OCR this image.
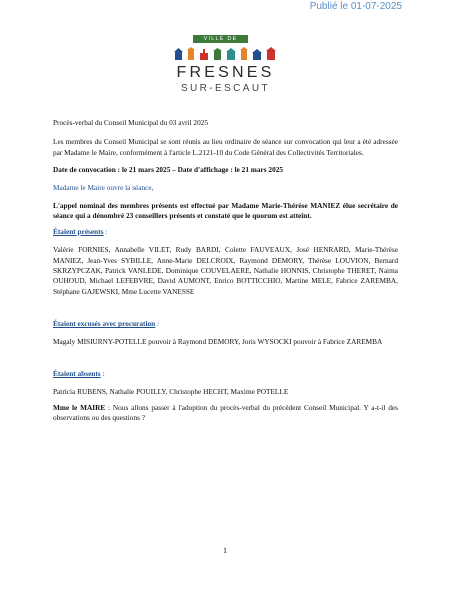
Publié le 01-07-2025
VILLE DE
FRESNES
SUR-ESCAUT

Procès-verbal du Conseil Municipal du 03 avril 2025

Les membres du Conseil Municipal se sont réunis au lieu ordinaire de séance sur convocation qui leur a été adressée par Madame le Maire, conformément à l'article L.2121-10 du Code Général des Collectivités Territoriales.

Date de convocation : le 21 mars 2025 – Date d'affichage : le 21 mars 2025

Madame le Maire ouvre la séance,

L'appel nominal des membres présents est effectué par Madame Marie-Thérèse MANIEZ élue secrétaire de séance qui a dénombré 23 conseillers présents et constaté que le quorum est atteint.

Étaient présents :

Valérie FORNIES, Annabelle VILET, Rudy BARDI, Colette FAUVEAUX, José HENRARD, Marie-Thérèse MANIEZ, Jean-Yves SYBILLE, Anne-Marie DELCROIX, Raymond DEMORY, Thérèse LOUVION, Bernard SKRZYPCZAK, Patrick VANLEDE, Dominique COUVELAERE, Nathalie HONNIS, Christophe THERET, Naima OUHOUD, Michael LEFEBVRE, David AUMONT, Enrico BOTTICCHIO, Martine MELE, Fabrice ZAREMBA, Stéphane GAJEWSKI, Mme Lucette VANESSE

Étaient excusés avec procuration :

Magaly MISIURNY-POTELLE pouvoir à Raymond DEMORY, Joris WYSOCKI pouvoir à Fabrice ZAREMBA

Étaient absents :

Patricia RUBENS, Nathalie POUILLY, Christophe HECHT, Maxime POTELLE

Mme le MAIRE : Nous allons passer à l'adoption du procès-verbal du précédent Conseil Municipal. Y a-t-il des observations ou des questions ?

1
